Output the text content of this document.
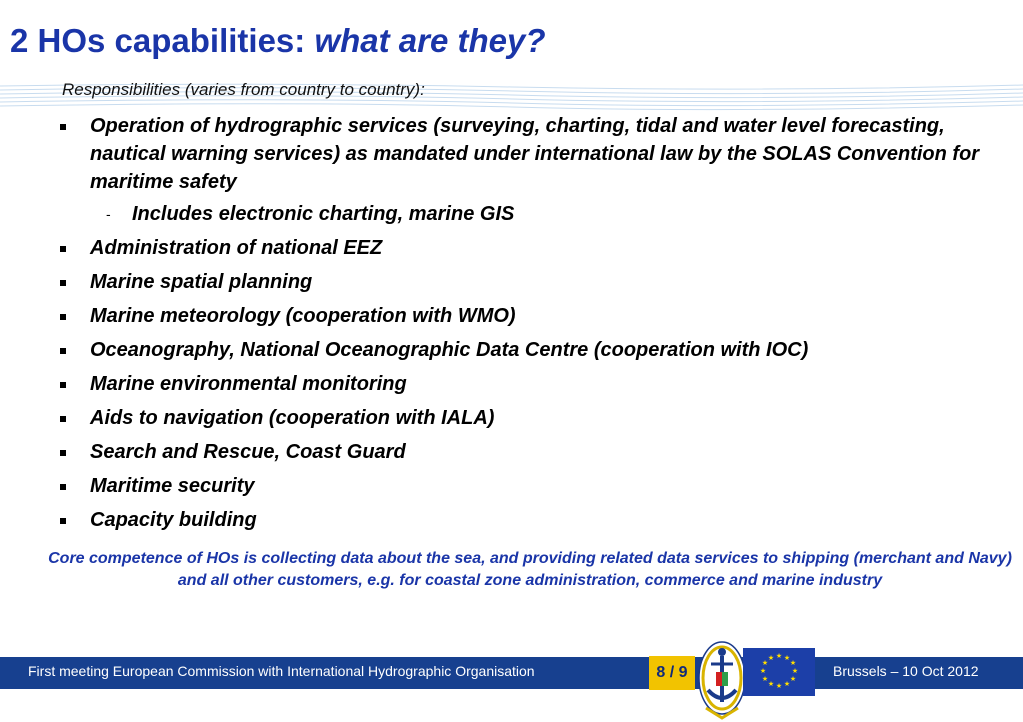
2 HOs capabilities: what are they?

Responsibilities (varies from country to country):

Operation of hydrographic services (surveying, charting, tidal and water level forecasting, nautical warning services) as mandated under international law by the SOLAS Convention for maritime safety
- Includes electronic charting, marine GIS
Administration of national EEZ
Marine spatial planning
Marine meteorology (cooperation with WMO)
Oceanography, National Oceanographic Data Centre (cooperation with IOC)
Marine environmental monitoring
Aids to navigation (cooperation with IALA)
Search and Rescue, Coast Guard
Maritime security
Capacity building

Core competence of HOs is collecting data about the sea, and providing related data services to shipping (merchant and Navy) and all other customers, e.g. for coastal zone administration, commerce and marine industry

First meeting European Commission with International Hydrographic Organisation	8 / 9
★ ★
★
★
★
★
★
★
★
★
★
★
Brussels – 10 Oct 2012
